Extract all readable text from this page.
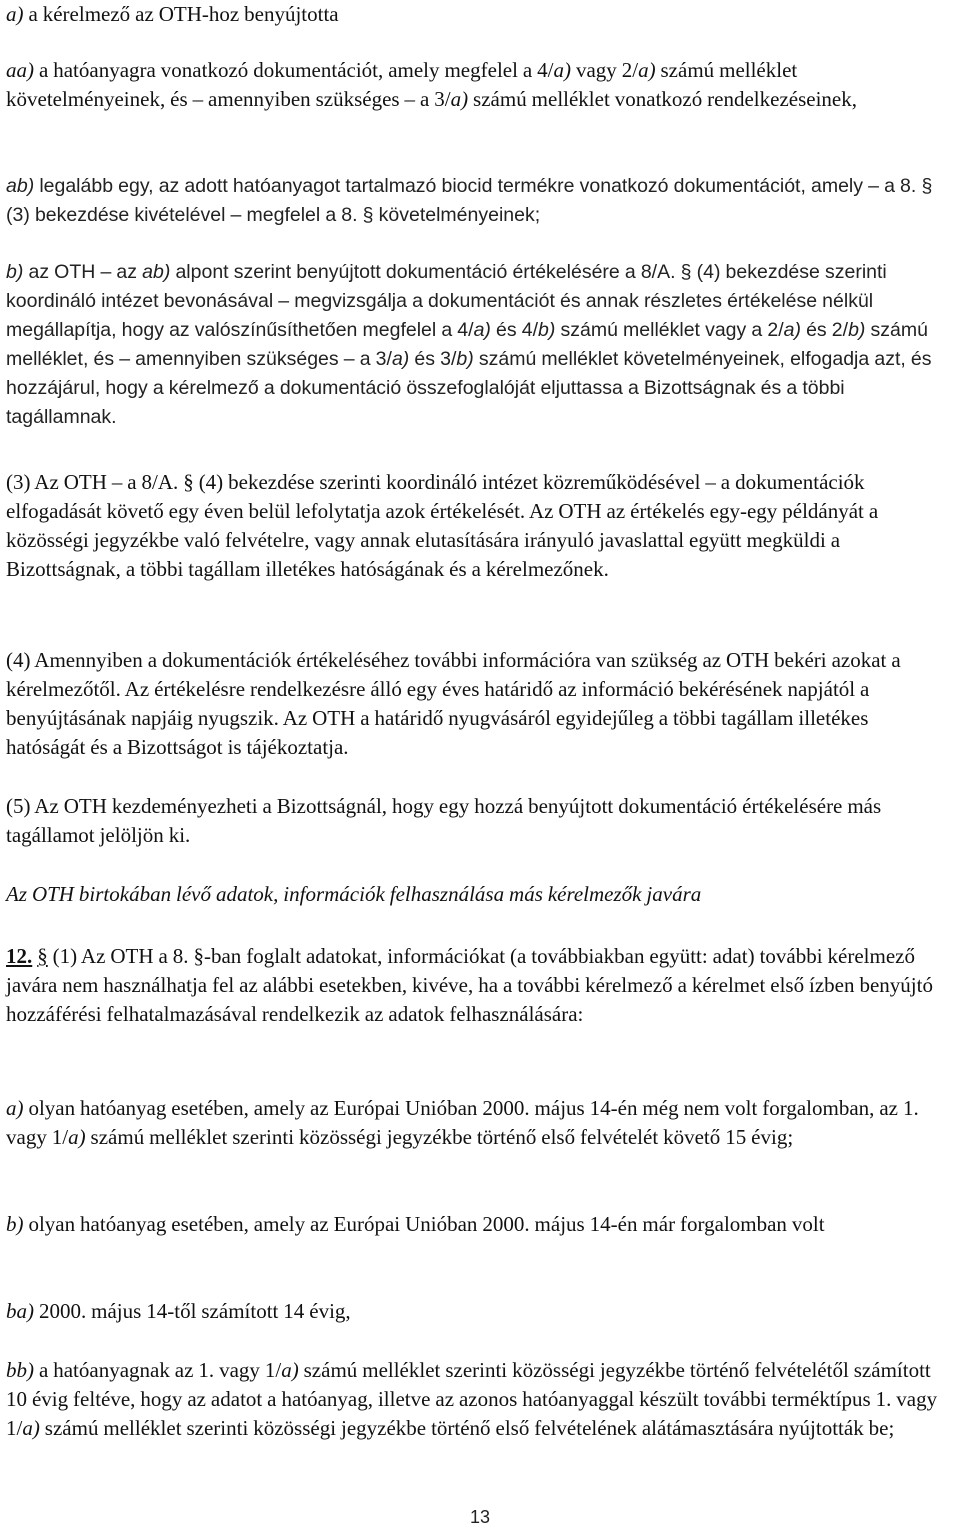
a) a kérelmező az OTH-hoz benyújtotta

aa) a hatóanyagra vonatkozó dokumentációt, amely megfelel a 4/a) vagy 2/a) számú melléklet követelményeinek, és – amennyiben szükséges – a 3/a) számú melléklet vonatkozó rendelkezéseinek,

ab) legalább egy, az adott hatóanyagot tartalmazó biocid termékre vonatkozó dokumentációt, amely – a 8. § (3) bekezdése kivételével – megfelel a 8. § követelményeinek;

b) az OTH – az ab) alpont szerint benyújtott dokumentáció értékelésére a 8/A. § (4) bekezdése szerinti koordináló intézet bevonásával – megvizsgálja a dokumentációt és annak részletes értékelése nélkül megállapítja, hogy az valószínűsíthetően megfelel a 4/a) és 4/b) számú melléklet vagy a 2/a) és 2/b) számú melléklet, és – amennyiben szükséges – a 3/a) és 3/b) számú melléklet követelményeinek, elfogadja azt, és hozzájárul, hogy a kérelmező a dokumentáció összefoglalóját eljuttassa a Bizottságnak és a többi tagállamnak.

(3) Az OTH – a 8/A. § (4) bekezdése szerinti koordináló intézet közreműködésével – a dokumentációk elfogadását követő egy éven belül lefolytatja azok értékelését. Az OTH az értékelés egy-egy példányát a közösségi jegyzékbe való felvételre, vagy annak elutasítására irányuló javaslattal együtt megküldi a Bizottságnak, a többi tagállam illetékes hatóságának és a kérelmezőnek.

(4) Amennyiben a dokumentációk értékeléséhez további információra van szükség az OTH bekéri azokat a kérelmezőtől. Az értékelésre rendelkezésre álló egy éves határidő az információ bekérésének napjától a benyújtásának napjáig nyugszik. Az OTH a határidő nyugvásáról egyidejűleg a többi tagállam illetékes hatóságát és a Bizottságot is tájékoztatja.

(5) Az OTH kezdeményezheti a Bizottságnál, hogy egy hozzá benyújtott dokumentáció értékelésére más tagállamot jelöljön ki.

Az OTH birtokában lévő adatok, információk felhasználása más kérelmezők javára

12. § (1) Az OTH a 8. §-ban foglalt adatokat, információkat (a továbbiakban együtt: adat) további kérelmező javára nem használhatja fel az alábbi esetekben, kivéve, ha a további kérelmező a kérelmet első ízben benyújtó hozzáférési felhatalmazásával rendelkezik az adatok felhasználására:

a) olyan hatóanyag esetében, amely az Európai Unióban 2000. május 14-én még nem volt forgalomban, az 1. vagy 1/a) számú melléklet szerinti közösségi jegyzékbe történő első felvételét követő 15 évig;

b) olyan hatóanyag esetében, amely az Európai Unióban 2000. május 14-én már forgalomban volt

ba) 2000. május 14-től számított 14 évig,

bb) a hatóanyagnak az 1. vagy 1/a) számú melléklet szerinti közösségi jegyzékbe történő felvételétől számított 10 évig feltéve, hogy az adatot a hatóanyag, illetve az azonos hatóanyaggal készült további terméktípus 1. vagy 1/a) számú melléklet szerinti közösségi jegyzékbe történő első felvételének alátámasztására nyújtották be;

13
